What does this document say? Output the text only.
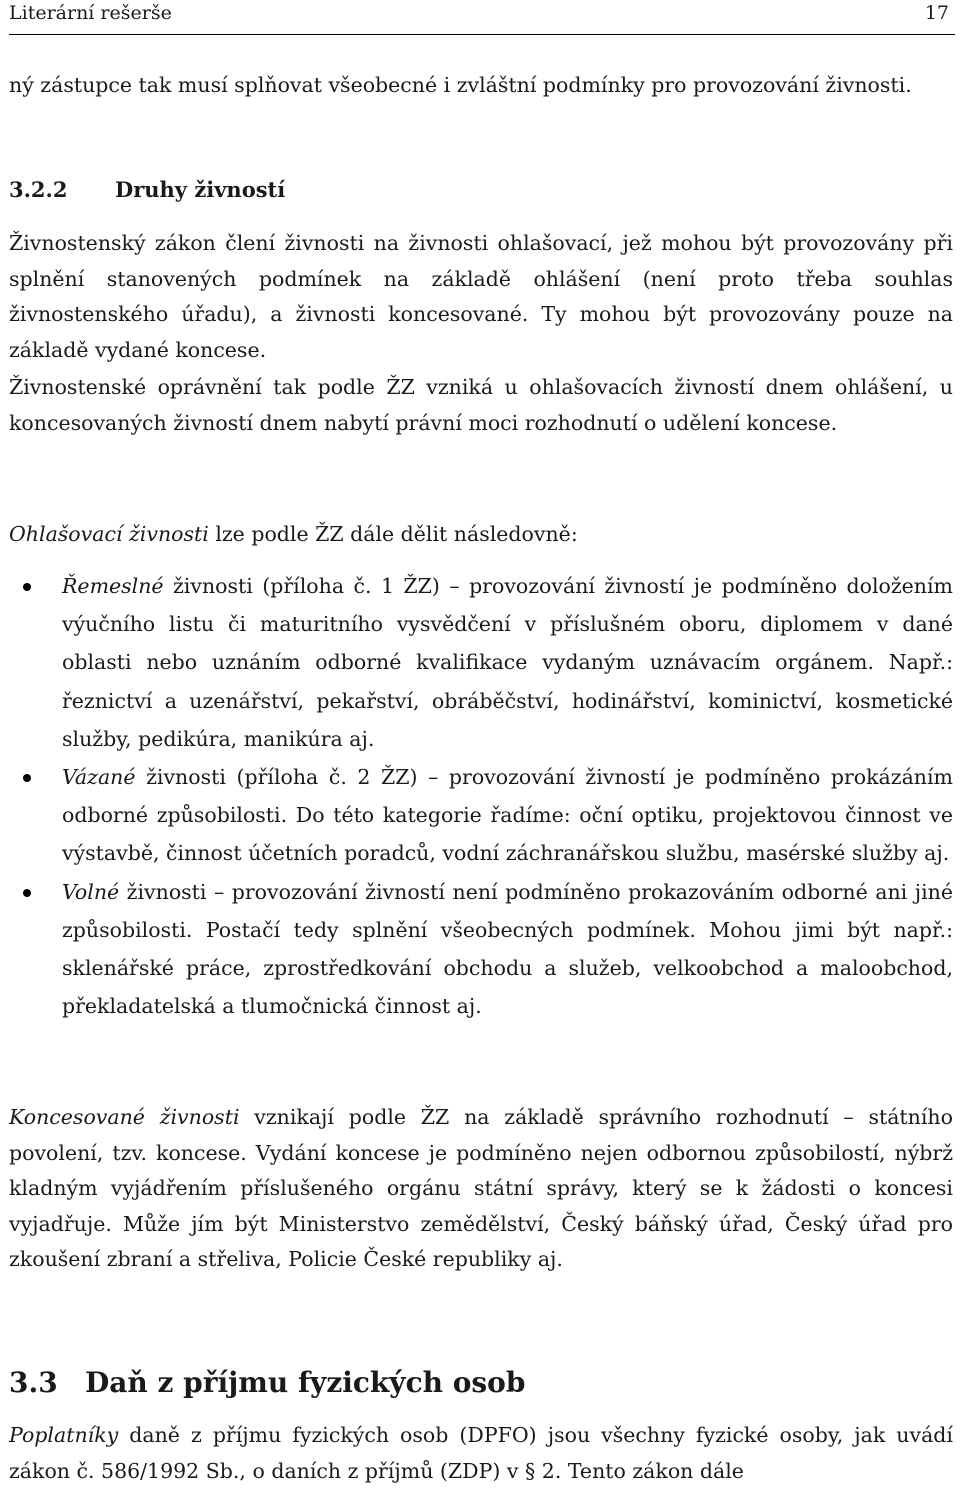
Literární rešerše	17

ný zástupce tak musí splňovat všeobecné i zvláštní podmínky pro provozování živnosti.

3.2.2 Druhy živností

Živnostenský zákon člení živnosti na živnosti ohlašovací, jež mohou být provozovány při splnění stanovených podmínek na základě ohlášení (není proto třeba souhlas živnostenského úřadu), a živnosti koncesované. Ty mohou být provozovány pouze na základě vydané koncese.

Živnostenské oprávnění tak podle ŽZ vzniká u ohlašovacích živností dnem ohlášení, u koncesovaných živností dnem nabytí právní moci rozhodnutí o udělení koncese.

Ohlašovací živnosti lze podle ŽZ dále dělit následovně:

Řemeslné živnosti (příloha č. 1 ŽZ) – provozování živností je podmíněno doložením výučního listu či maturitního vysvědčení v příslušném oboru, diplomem v dané oblasti nebo uznáním odborné kvalifikace vydaným uznávacím orgánem. Např.: řeznictví a uzenářství, pekařství, obráběčství, hodinářství, kominictví, kosmetické služby, pedikúra, manikúra aj.
Vázané živnosti (příloha č. 2 ŽZ) – provozování živností je podmíněno prokázáním odborné způsobilosti. Do této kategorie řadíme: oční optiku, projektovou činnost ve výstavbě, činnost účetních poradců, vodní záchranářskou službu, masérské služby aj.
Volné živnosti – provozování živností není podmíněno prokazováním odborné ani jiné způsobilosti. Postačí tedy splnění všeobecných podmínek. Mohou jimi být např.: sklenářské práce, zprostředkování obchodu a služeb, velkoobchod a maloobchod, překladatelská a tlumočnická činnost aj.

Koncesované živnosti vznikají podle ŽZ na základě správního rozhodnutí – státního povolení, tzv. koncese. Vydání koncese je podmíněno nejen odbornou způsobilostí, nýbrž kladným vyjádřením příslušeného orgánu státní správy, který se k žádosti o koncesi vyjadřuje. Může jím být Ministerstvo zemědělství, Český báňský úřad, Český úřad pro zkoušení zbraní a střeliva, Policie České republiky aj.

3.3 Daň z příjmu fyzických osob

Poplatníky daně z příjmu fyzických osob (DPFO) jsou všechny fyzické osoby, jak uvádí zákon č. 586/1992 Sb., o daních z příjmů (ZDP) v § 2. Tento zákon dále
